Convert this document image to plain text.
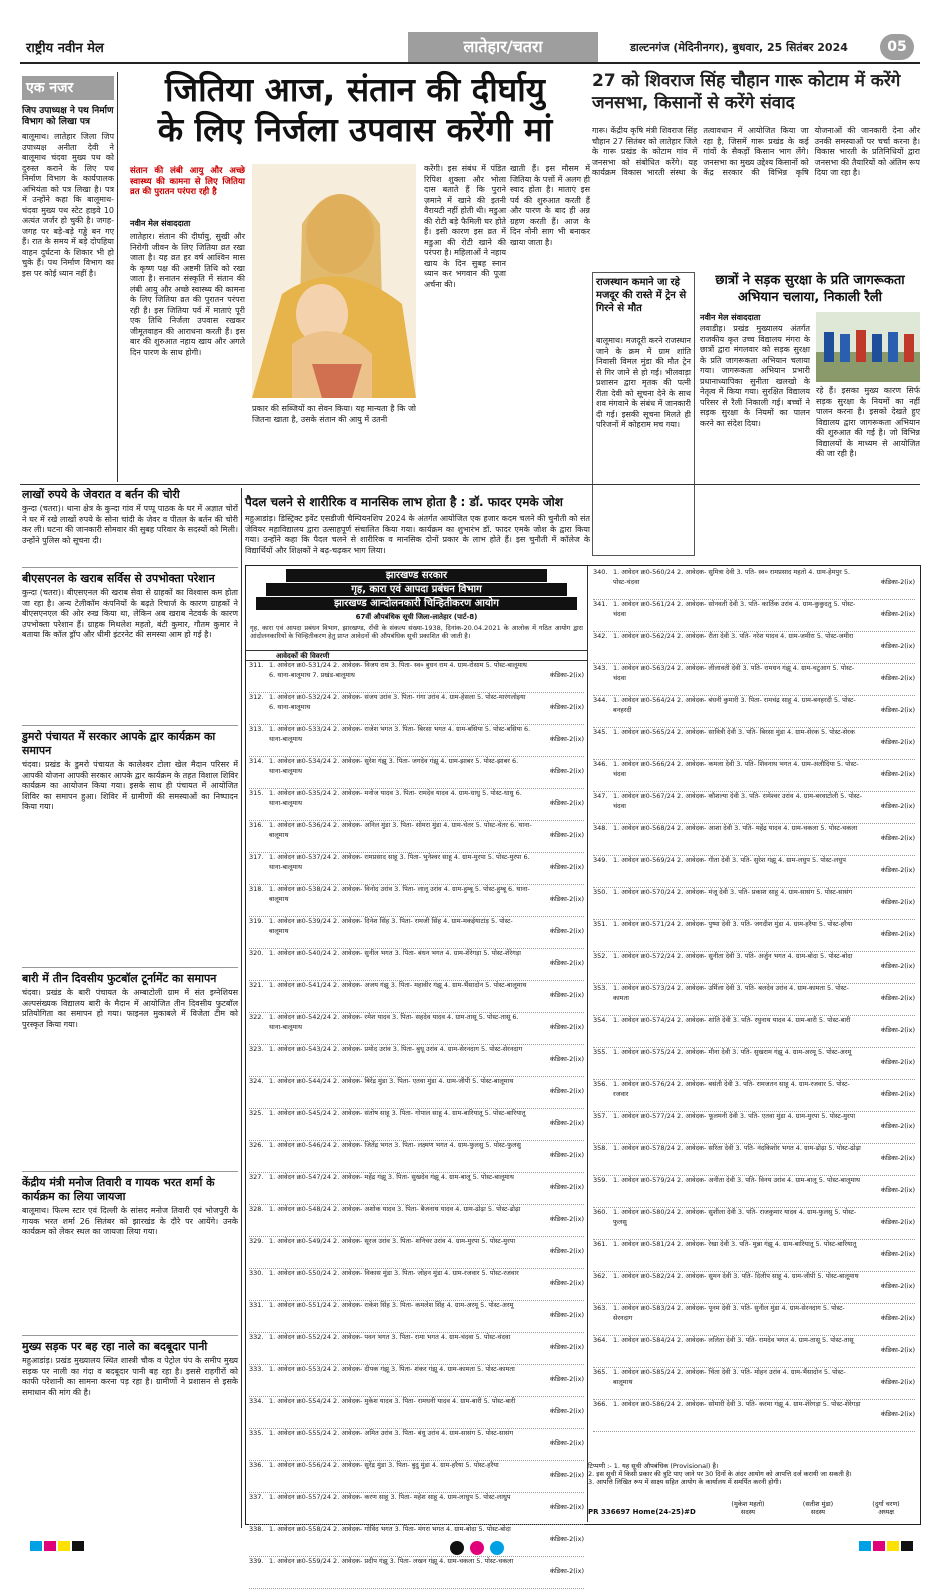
राष्ट्रीय नवीन मेल	लातेहार/चतरा	डाल्टनगंज (मेदिनीनगर), बुधवार, 25 सितंबर 2024	05
एक नजर
जिप उपाध्यक्ष ने पथ निर्माण विभाग को लिखा पत्र
बालूमाथ। लातेहार जिला जिप उपाध्यक्ष अनीता देवी ने बालूमाथ चंदवा मुख्य पथ को दुरुस्त कराने के लिए पथ निर्माण विभाग के कार्यपालक अभियंता को पत्र लिखा है। पत्र में उन्होंने कहा कि बालूमाथ-चंदवा मुख्य पथ स्टेट हाइवे 10 अत्यंत जर्जर हो चुकी है। जगह-जगह पर बड़े-बड़े गड्ढे बन गए हैं। रात के समय में बड़े दोपहिया वाहन दुर्घटना के शिकार भी हो चुके हैं। पथ निर्माण विभाग का इस पर कोई ध्यान नहीं है।
जितिया आज, संतान की दीर्घायु
के लिए निर्जला उपवास करेंगी मां
संतान की लंबी आयु और अच्छे स्वास्थ्य की कामना से लिए जितिया व्रत की पुरातन परंपरा रही है
नवीन मेल संवाददाता
लातेहार। संतान की दीर्घायु, सुखी और निरोगी जीवन के लिए जितिया व्रत रखा जाता है। यह व्रत हर वर्ष आश्विन मास के कृष्ण पक्ष की अष्टमी तिथि को रखा जाता है। सनातन संस्कृति में संतान की लंबी आयु और अच्छे स्वास्थ्य की कामना के लिए जितिया व्रत की पुरातन परंपरा रही है। इस जितिया पर्व में माताएं पूरी एक तिथि निर्जला उपवास रखकर जीमूतवाहन की आराधना करती हैं। इस बार की शुरुआत नहाय खाय और अगले दिन पारण के साथ होगी।
प्रकार की सब्जियों का सेवन किया। यह मान्यता है कि जो जितना खाता है, उसके संतान की आयु में उतनी
करेंगी। इस संबंध में पंडित रिपिश शुक्ला और भोला दास बताते हैं कि पुराने ज़माने में खाने की इतनी वैरायटी नहीं होती थी। मडुआ की रोटी बड़े फैमिली घर होते हैं। इसी कारण इस व्रत में मडुआ की रोटी खाने की परंपरा है। महिलाओं ने नहाय खाय के दिन सुबह स्नान ध्यान कर भगवान की पूजा अर्चना की।
खाती हैं। इस मौसम में जितिया के पत्तों में अलग ही स्वाद होता है। माताएं इस पर्व की शुरुआत करती हैं और पारण के बाद ही अन्न ग्रहण करती हैं। आज के दिन नोनी साग भी बनाकर खाया जाता है।
27 को शिवराज सिंह चौहान गारू कोटाम में करेंगे जनसभा, किसानों से करेंगे संवाद
गारू। केंद्रीय कृषि मंत्री शिवराज सिंह चौहान 27 सितंबर को लातेहार जिले के गारू प्रखंड के कोटाम गांव में जनसभा को संबोधित करेंगे। यह कार्यक्रम विकास भारती संस्था के तत्वावधान में आयोजित किया जा रहा है, जिसमें गारू प्रखंड के कई गांवों के सैकड़ों किसान भाग लेंगे। जनसभा का मुख्य उद्देश्य किसानों को केंद्र सरकार की विभिन्न कृषि योजनाओं की जानकारी देना और उनकी समस्याओं पर चर्चा करना है। विकास भारती के प्रतिनिधियों द्वारा जनसभा की तैयारियों को अंतिम रूप दिया जा रहा है।
राजस्थान कमाने जा रहे मजदूर की रास्ते में ट्रेन से गिरने से मौत
बालूमाथ। मजदूरी करने राजस्थान जाने के क्रम में ग्राम शांति निवासी विमल मुंडा की मौत ट्रेन से गिर जाने से हो गई। भीलवाड़ा प्रशासन द्वारा मृतक की पत्नी रीता देवी को सूचना देने के साथ शव मंगवाने के संबंध में जानकारी दी गई। इसकी सूचना मिलते ही परिजनों में कोहराम मच गया।
छात्रों ने सड़क सुरक्षा के प्रति जागरूकता अभियान चलाया, निकाली रैली
नवीन मेल संवाददाता
लवाडीह। प्रखंड मुख्यालय अंतर्गत राजकीय कृत उच्च विद्यालय मंगरा के छात्रों द्वारा मंगलवार को सड़क सुरक्षा के प्रति जागरूकता अभियान चलाया गया। जागरूकता अभियान प्रभारी प्रधानाध्यापिका सुनीता खलखो के नेतृत्व में किया गया। सुरक्षित विद्यालय परिसर से रैली निकाली गई। बच्चों ने सड़क सुरक्षा के नियमों का पालन करने का संदेश दिया।
रहे हैं। इसका मुख्य कारण सिर्फ सड़क सुरक्षा के नियमों का नहीं पालन करना है। इसको देखते हुए विद्यालय द्वारा जागरूकता अभियान की शुरुआत की गई है। जो विभिन्न विद्यालयों के माध्यम से आयोजित की जा रही है।
पैदल चलने से शारीरिक व मानसिक लाभ होता है : डॉ. फादर एमके जोश
महुआडांड़। डिस्ट्रिक्ट इवेंट एसडीजी चैम्पियनशिप 2024 के अंतर्गत आयोजित एक हजार कदम चलने की चुनौती को संत जेवियर महाविद्यालय द्वारा उत्साहपूर्ण संचालित किया गया। कार्यक्रम का शुभारंभ डॉ. फादर एमके जोश के द्वारा किया गया। उन्होंने कहा कि पैदल चलने से शारीरिक व मानसिक दोनों प्रकार के लाभ होते हैं। इस चुनौती में कॉलेज के विद्यार्थियों और शिक्षकों ने बढ़-चढ़कर भाग लिया।
लाखों रुपये के जेवरात व बर्तन की चोरी
कुन्दा (चतरा)। थाना क्षेत्र के कुन्दा गांव में पप्पू पाठक के घर में अज्ञात चोरों ने घर में रखे लाखों रुपये के सोना चांदी के जेवर व पीतल के बर्तन की चोरी कर ली। घटना की जानकारी सोमवार की सुबह परिवार के सदस्यों को मिली। उन्होंने पुलिस को सूचना दी।
बीएसएनल के खराब सर्विस से उपभोक्ता परेशान
कुन्दा (चतरा)। बीएसएनल की खराब सेवा से ग्राहकों का विश्वास कम होता जा रहा है। अन्य टेलीकॉम कंपनियों के बढ़ते रिचार्ज के कारण ग्राहकों ने बीएसएनएल की ओर रुख किया था, लेकिन अब खराब नेटवर्क के कारण उपभोक्ता परेशान हैं। ग्राहक मिथलेश महतो, बंटी कुमार, गौतम कुमार ने बताया कि कॉल ड्रॉप और धीमी इंटरनेट की समस्या आम हो गई है।
डुमरो पंचायत में सरकार आपके द्वार कार्यक्रम का समापन
चंदवा। प्रखंड के डुमरो पंचायत के कालेश्वर टोला खेल मैदान परिसर में आपकी योजना आपकी सरकार आपके द्वार कार्यक्रम के तहत विशाल शिविर कार्यक्रम का आयोजन किया गया। इसके साथ ही पंचायत में आयोजित शिविर का समापन हुआ। शिविर में ग्रामीणों की समस्याओं का निष्पादन किया गया।
बारी में तीन दिवसीय फुटबॉल टूर्नामेंट का समापन
चंदवा। प्रखंड के बारी पंचायत के अम्बाटोली ग्राम में संत इग्नेशियस अल्पसंख्यक विद्यालय बारी के मैदान में आयोजित तीन दिवसीय फुटबॉल प्रतियोगिता का समापन हो गया। फाइनल मुकाबले में विजेता टीम को पुरस्कृत किया गया।
केंद्रीय मंत्री मनोज तिवारी व गायक भरत शर्मा के कार्यक्रम का लिया जायजा
बालूमाथ। फिल्म स्टार एवं दिल्ली के सांसद मनोज तिवारी एवं भोजपुरी के गायक भरत शर्मा 26 सितंबर को झारखंड के दौरे पर आयेंगे। उनके कार्यक्रम को लेकर स्थल का जायजा लिया गया।
मुख्य सड़क पर बह रहा नाले का बदबूदार पानी
महुआडांड़। प्रखंड मुख्यालय स्थित शास्त्री चौक व पेट्रोल पंप के समीप मुख्य सड़क पर नाली का गंदा व बदबूदार पानी बह रहा है। इससे राहगीरों को काफी परेशानी का सामना करना पड़ रहा है। ग्रामीणों ने प्रशासन से इसके समाधान की मांग की है।
झारखण्ड सरकार
गृह, कारा एवं आपदा प्रबंधन विभाग
झारखण्ड आन्दोलनकारी चिन्हितीकरण आयोग
67वीं औपबंधिक सूची जिला-लातेहार (पार्ट-8)
गृह, कारा एवं आपदा प्रबंधन विभाग, झारखण्ड, राँची के संकल्प संख्या-1938, दिनांक-20.04.2021 के आलोक में गठित आयोग द्वारा आंदोलनकारियों के चिन्हितीकरण हेतु प्राप्त आवेदनों की औपबंधिक सूची प्रकाशित की जाती है।
आवेदकों की विवरणी
311. 1. आवेदन क्र0-531/24 2. आवेदक- विजय राम 3. पिता- स्व० बुधन राम 4. ग्राम-रोसाम 5. पोस्ट-बालूमाथ 6. थाना-बालूमाथ 7. प्रखंड-बालूमाथ	कंडिका-2(ix)
312. 1. आवेदन क्र0-532/24 2. आवेदक- संजय उरांव 3. पिता- गंगा उरांव 4. ग्राम-हेसला 5. पोस्ट-मारंगलोइया 6. थाना-बालूमाथ	कंडिका-2(ix)
313. 1. आवेदन क्र0-533/24 2. आवेदक- राजेश भगत 3. पिता- बिरसा भगत 4. ग्राम-बसिया 5. पोस्ट-बसिया 6. थाना-बालूमाथ	कंडिका-2(ix)
314. 1. आवेदन क्र0-534/24 2. आवेदक- सुरेश गंझू 3. पिता- जगदेव गंझू 4. ग्राम-झाबर 5. पोस्ट-झाबर 6. थाना-बालूमाथ	कंडिका-2(ix)
315. 1. आवेदन क्र0-535/24 2. आवेदक- मनोज यादव 3. पिता- रामदेव यादव 4. ग्राम-धाधु 5. पोस्ट-धाधु 6. थाना-बालूमाथ	कंडिका-2(ix)
316. 1. आवेदन क्र0-536/24 2. आवेदक- अनिल मुंडा 3. पिता- सोमरा मुंडा 4. ग्राम-चेतर 5. पोस्ट-चेतर 6. थाना-बालूमाथ	कंडिका-2(ix)
317. 1. आवेदन क्र0-537/24 2. आवेदक- रामप्रसाद साहू 3. पिता- भुनेश्वर साहू 4. ग्राम-मुरपा 5. पोस्ट-मुरपा 6. थाना-बालूमाथ	कंडिका-2(ix)
318. 1. आवेदन क्र0-538/24 2. आवेदक- विनोद उरांव 3. पिता- लालू उरांव 4. ग्राम-हुम्बू 5. पोस्ट-हुम्बू 6. थाना-बालूमाथ	कंडिका-2(ix)
319. 1. आवेदन क्र0-539/24 2. आवेदक- दिनेश सिंह 3. पिता- रामजी सिंह 4. ग्राम-मकईयाटांड़ 5. पोस्ट-बालूमाथ	कंडिका-2(ix)
320. 1. आवेदन क्र0-540/24 2. आवेदक- सुनील भगत 3. पिता- बंधन भगत 4. ग्राम-शेरेगड़ा 5. पोस्ट-शेरेगड़ा
कंडिका-2(ix)
321. 1. आवेदन क्र0-541/24 2. आवेदक- अजय गंझू 3. पिता- महावीर गंझू 4. ग्राम-भैंसादोन 5. पोस्ट-बालूमाथ
कंडिका-2(ix)
322. 1. आवेदन क्र0-542/24 2. आवेदक- रमेश यादव 3. पिता- सहदेव यादव 4. ग्राम-तासू 5. पोस्ट-तासू 6. थाना-बालूमाथ	कंडिका-2(ix)
323. 1. आवेदन क्र0-543/24 2. आवेदक- प्रमोद उरांव 3. पिता- बुधू उरांव 4. ग्राम-सेरनदाग 5. पोस्ट-सेरनदाग
कंडिका-2(ix)
324. 1. आवेदन क्र0-544/24 2. आवेदक- बिरेंद्र मुंडा 3. पिता- एतवा मुंडा 4. ग्राम-जीपी 5. पोस्ट-बालूमाथ
कंडिका-2(ix)
325. 1. आवेदन क्र0-545/24 2. आवेदक- संतोष साहू 3. पिता- गोपाल साहू 4. ग्राम-बारियातू 5. पोस्ट-बारियातू
कंडिका-2(ix)
326. 1. आवेदन क्र0-546/24 2. आवेदक- जितेंद्र भगत 3. पिता- लक्ष्मण भगत 4. ग्राम-फुलसु 5. पोस्ट-फुलसु
कंडिका-2(ix)
327. 1. आवेदन क्र0-547/24 2. आवेदक- महेंद्र गंझू 3. पिता- सुखदेव गंझू 4. ग्राम-बालू 5. पोस्ट-बालूमाथ
कंडिका-2(ix)
328. 1. आवेदन क्र0-548/24 2. आवेदक- अशोक यादव 3. पिता- बैजनाथ यादव 4. ग्राम-ढोढ़ा 5. पोस्ट-ढोढ़ा
कंडिका-2(ix)
329. 1. आवेदन क्र0-549/24 2. आवेदक- सूरज उरांव 3. पिता- शनिचर उरांव 4. ग्राम-मुरपा 5. पोस्ट-मुरपा
कंडिका-2(ix)
330. 1. आवेदन क्र0-550/24 2. आवेदक- विकास मुंडा 3. पिता- जोहन मुंडा 4. ग्राम-रजवार 5. पोस्ट-रजवार
कंडिका-2(ix)
331. 1. आवेदन क्र0-551/24 2. आवेदक- राकेश सिंह 3. पिता- कमलेश सिंह 4. ग्राम-अरमू 5. पोस्ट-अरमू
कंडिका-2(ix)
332. 1. आवेदन क्र0-552/24 2. आवेदक- पवन भगत 3. पिता- रामा भगत 4. ग्राम-चंदवा 5. पोस्ट-चंदवा
कंडिका-2(ix)
333. 1. आवेदन क्र0-553/24 2. आवेदक- दीपक गंझू 3. पिता- शंकर गंझू 4. ग्राम-कामता 5. पोस्ट-कामता
कंडिका-2(ix)
334. 1. आवेदन क्र0-554/24 2. आवेदक- मुकेश यादव 3. पिता- रामधनी यादव 4. ग्राम-बारी 5. पोस्ट-बारी
कंडिका-2(ix)
335. 1. आवेदन क्र0-555/24 2. आवेदक- अमित उरांव 3. पिता- बंधु उरांव 4. ग्राम-सासंग 5. पोस्ट-सासंग
कंडिका-2(ix)
336. 1. आवेदन क्र0-556/24 2. आवेदक- सुरेंद्र मुंडा 3. पिता- बुदु मुंडा 4. ग्राम-हरैया 5. पोस्ट-हरैया
कंडिका-2(ix)
337. 1. आवेदन क्र0-557/24 2. आवेदक- करण साहू 3. पिता- महेश साहू 4. ग्राम-लाधुप 5. पोस्ट-लाधुप
कंडिका-2(ix)
338. 1. आवेदन क्र0-558/24 2. आवेदक- गोविंद भगत 3. पिता- मंगरा भगत 4. ग्राम-बोदा 5. पोस्ट-बोदा
कंडिका-2(ix)
339. 1. आवेदन क्र0-559/24 2. आवेदक- प्रदीप गंझू 3. पिता- लखन गंझू 4. ग्राम-चकला 5. पोस्ट-चकला
कंडिका-2(ix)
340. 1. आवेदन क्र0-560/24 2. आवेदक- सुमित्रा देवी 3. पति- स्व० रामप्रसाद महतो 4. ग्राम-हेमपुर 5. पोस्ट-चंदवा	कंडिका-2(ix)
341. 1. आवेदन क्र0-561/24 2. आवेदक- सोनवती देवी 3. पति- कार्तिक उरांव 4. ग्राम-कुकुदतु 5. पोस्ट-चंदवा	कंडिका-2(ix)
342. 1. आवेदन क्र0-562/24 2. आवेदक- रीता देवी 3. पति- नरेश यादव 4. ग्राम-जमीरा 5. पोस्ट-जमीरा
कंडिका-2(ix)
343. 1. आवेदन क्र0-563/24 2. आवेदक- लीलावती देवी 3. पति- रामधन गंझू 4. ग्राम-चटुआग 5. पोस्ट-चंदवा	कंडिका-2(ix)
344. 1. आवेदन क्र0-564/24 2. आवेदक- बंधनी कुमारी 3. पिता- रामचंद्र साहू 4. ग्राम-बनहरदी 5. पोस्ट-बनहरदी	कंडिका-2(ix)
345. 1. आवेदन क्र0-565/24 2. आवेदक- सावित्री देवी 3. पति- बिरसा मुंडा 4. ग्राम-सेरक 5. पोस्ट-सेरक
कंडिका-2(ix)
346. 1. आवेदन क्र0-566/24 2. आवेदक- कमला देवी 3. पति- शिवनाथ भगत 4. ग्राम-अलौदिया 5. पोस्ट-चंदवा	कंडिका-2(ix)
347. 1. आवेदन क्र0-567/24 2. आवेदक- कौशल्या देवी 3. पति- रामेश्वर उरांव 4. ग्राम-बरवाटोली 5. पोस्ट-चंदवा	कंडिका-2(ix)
348. 1. आवेदन क्र0-568/24 2. आवेदक- आशा देवी 3. पति- महेंद्र यादव 4. ग्राम-चकला 5. पोस्ट-चकला
कंडिका-2(ix)
349. 1. आवेदन क्र0-569/24 2. आवेदक- गीता देवी 3. पति- सुरेश गंझू 4. ग्राम-लधुप 5. पोस्ट-लधुप
कंडिका-2(ix)
350. 1. आवेदन क्र0-570/24 2. आवेदक- मंजू देवी 3. पति- प्रकाश साहू 4. ग्राम-सासंग 5. पोस्ट-सासंग
कंडिका-2(ix)
351. 1. आवेदन क्र0-571/24 2. आवेदक- पुष्पा देवी 3. पति- जगदीश मुंडा 4. ग्राम-हरैया 5. पोस्ट-हरैया
कंडिका-2(ix)
352. 1. आवेदन क्र0-572/24 2. आवेदक- सुनीता देवी 3. पति- अर्जुन भगत 4. ग्राम-बोदा 5. पोस्ट-बोदा
कंडिका-2(ix)
353. 1. आवेदन क्र0-573/24 2. आवेदक- उर्मिला देवी 3. पति- बलदेव उरांव 4. ग्राम-कामता 5. पोस्ट-कामता	कंडिका-2(ix)
354. 1. आवेदन क्र0-574/24 2. आवेदक- शांति देवी 3. पति- रघुनाथ यादव 4. ग्राम-बारी 5. पोस्ट-बारी
कंडिका-2(ix)
355. 1. आवेदन क्र0-575/24 2. आवेदक- मीना देवी 3. पति- सुखराम गंझू 4. ग्राम-अरमू 5. पोस्ट-अरमू
कंडिका-2(ix)
356. 1. आवेदन क्र0-576/24 2. आवेदक- बसंती देवी 3. पति- रामजतन साहू 4. ग्राम-रजवार 5. पोस्ट-रजवार	कंडिका-2(ix)
357. 1. आवेदन क्र0-577/24 2. आवेदक- फूलमनी देवी 3. पति- एतवा मुंडा 4. ग्राम-मुरपा 5. पोस्ट-मुरपा
कंडिका-2(ix)
358. 1. आवेदन क्र0-578/24 2. आवेदक- सरिता देवी 3. पति- नंदकिशोर भगत 4. ग्राम-ढोढ़ा 5. पोस्ट-ढोढ़ा
कंडिका-2(ix)
359. 1. आवेदन क्र0-579/24 2. आवेदक- अनीता देवी 3. पति- विनय उरांव 4. ग्राम-बालू 5. पोस्ट-बालूमाथ
कंडिका-2(ix)
360. 1. आवेदन क्र0-580/24 2. आवेदक- सुशीला देवी 3. पति- राजकुमार यादव 4. ग्राम-फुलसु 5. पोस्ट-फुलसु	कंडिका-2(ix)
361. 1. आवेदन क्र0-581/24 2. आवेदक- रेखा देवी 3. पति- मुन्ना गंझू 4. ग्राम-बारियातू 5. पोस्ट-बारियातू
कंडिका-2(ix)
362. 1. आवेदन क्र0-582/24 2. आवेदक- सुमन देवी 3. पति- दिलीप साहू 4. ग्राम-जीपी 5. पोस्ट-बालूमाथ
कंडिका-2(ix)
363. 1. आवेदन क्र0-583/24 2. आवेदक- पूनम देवी 3. पति- सुनील मुंडा 4. ग्राम-सेरनदाग 5. पोस्ट-सेरनदाग	कंडिका-2(ix)
364. 1. आवेदन क्र0-584/24 2. आवेदक- ललिता देवी 3. पति- रामदेव भगत 4. ग्राम-तासू 5. पोस्ट-तासू
कंडिका-2(ix)
365. 1. आवेदन क्र0-585/24 2. आवेदक- चिंता देवी 3. पति- मोहन उरांव 4. ग्राम-भैंसादोन 5. पोस्ट-बालूमाथ	कंडिका-2(ix)
366. 1. आवेदन क्र0-586/24 2. आवेदक- सोमारी देवी 3. पति- करमा गंझू 4. ग्राम-शेरेगड़ा 5. पोस्ट-शेरेगड़ा
कंडिका-2(ix)
टिप्पणी :- 1. यह सूची औपबंधिक (Provisional) है।
2. इस सूची में किसी प्रकार की त्रुटि पाए जाने पर 30 दिनों के अंदर आयोग को आपत्ति दर्ज करायी जा सकती है।
3. आपत्ति लिखित रूप में साक्ष्य सहित आयोग के कार्यालय में समर्पित करनी होगी।
PR 336697 Home(24-25)#D
(मुकेश महतो)
सदस्य
(सतीश मुंडा)
सदस्य
(दुर्गा चरण)
अध्यक्ष
